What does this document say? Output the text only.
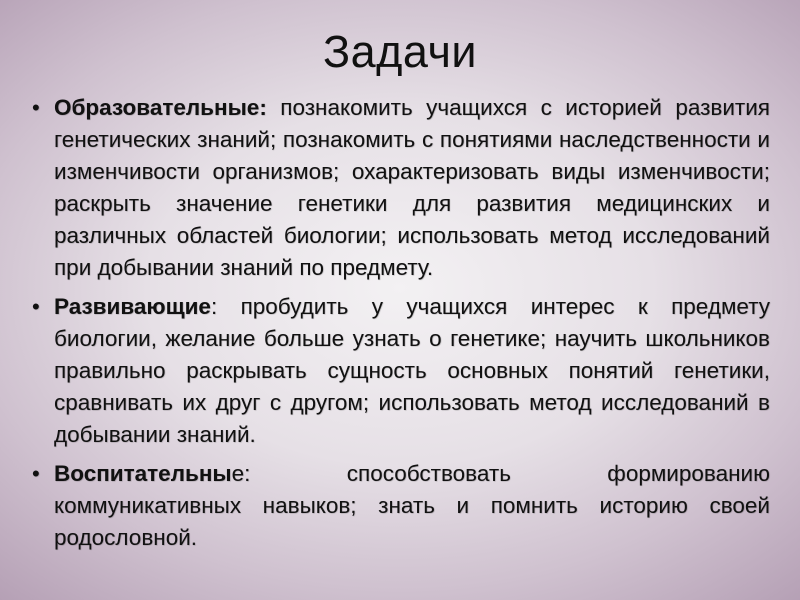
Задачи
• Образовательные: познакомить учащихся с историей развития генетических знаний; познакомить с понятиями наследственности и изменчивости организмов; охарактеризовать виды изменчивости; раскрыть значение генетики для развития медицинских и различных областей биологии; использовать метод исследований при добывании знаний по предмету.
• Развивающие: пробудить у учащихся интерес к предмету биологии, желание больше узнать о генетике; научить школьников правильно раскрывать сущность основных понятий генетики, сравнивать их друг с другом; использовать метод исследований в добывании знаний.
• Воспитательные: способствовать формированию коммуникативных навыков; знать и помнить историю своей родословной.
